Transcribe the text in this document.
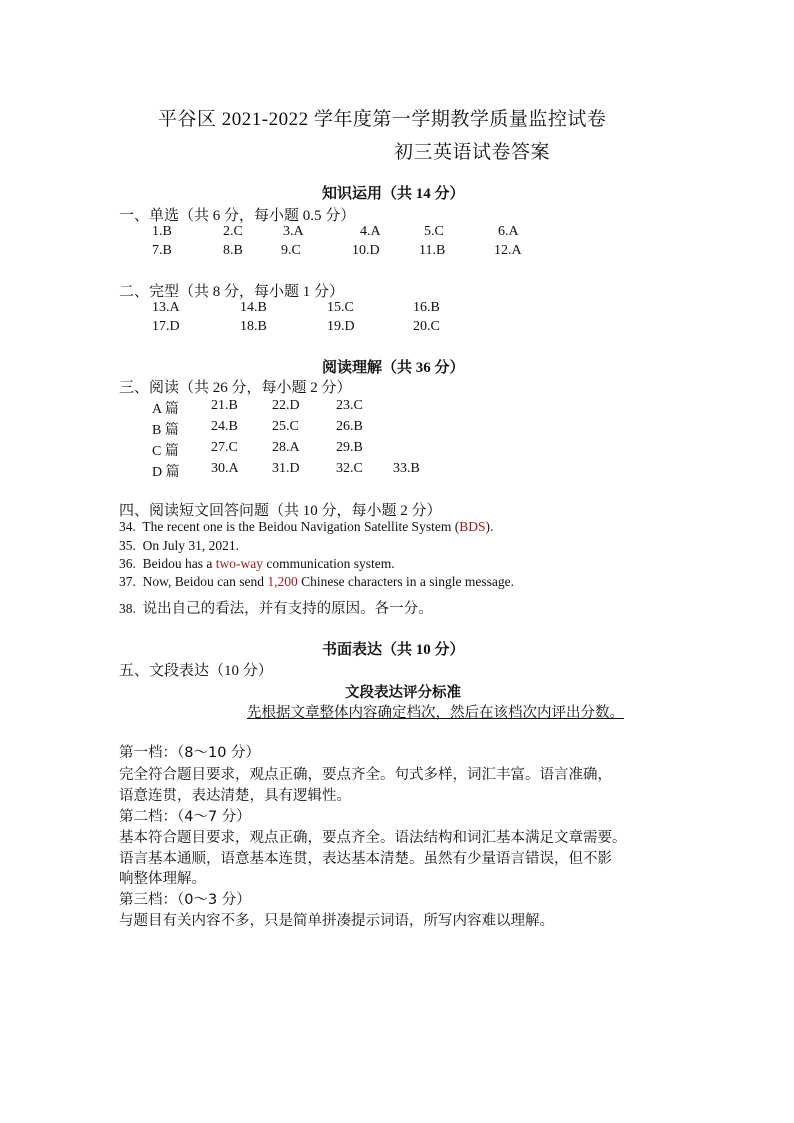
平谷区 2021-2022 学年度第一学期教学质量监控试卷
初三英语试卷答案
知识运用（共 14 分）
一、单选（共 6 分，每小题 0.5 分）
1.B	2.C	3.A	4.A	5.C	6.A
7.B	8.B	9.C	10.D	11.B	12.A
二、完型（共 8 分，每小题 1 分）
13.A	14.B	15.C	16.B
17.D	18.B	19.D	20.C
阅读理解（共 36 分）
三、阅读（共 26 分，每小题 2 分）
A 篇 21.B 22.D	23.C
B 篇 24.B 25.C	26.B
C 篇 27.C 28.A	29.B
D 篇 30.A 31.D	32.C 33.B
四、阅读短文回答问题（共 10 分，每小题 2 分）
34. The recent one is the Beidou Navigation Satellite System (BDS).
35. On July 31, 2021.
36. Beidou has a two-way communication system.
37. Now, Beidou can send 1,200 Chinese characters in a single message.
38. 说出自己的看法，并有支持的原因。各一分。
书面表达（共 10 分）
五、文段表达（10 分）
文段表达评分标准
先根据文章整体内容确定档次，然后在该档次内评出分数。
第一档：（8～10 分）
完全符合题目要求，观点正确，要点齐全。句式多样，词汇丰富。语言准确，
语意连贯，表达清楚，具有逻辑性。
第二档：（4～7 分）
基本符合题目要求，观点正确，要点齐全。语法结构和词汇基本满足文章需要。
语言基本通顺，语意基本连贯，表达基本清楚。虽然有少量语言错误，但不影
响整体理解。
第三档：（0～3 分）
与题目有关内容不多，只是简单拼凑提示词语，所写内容难以理解。
